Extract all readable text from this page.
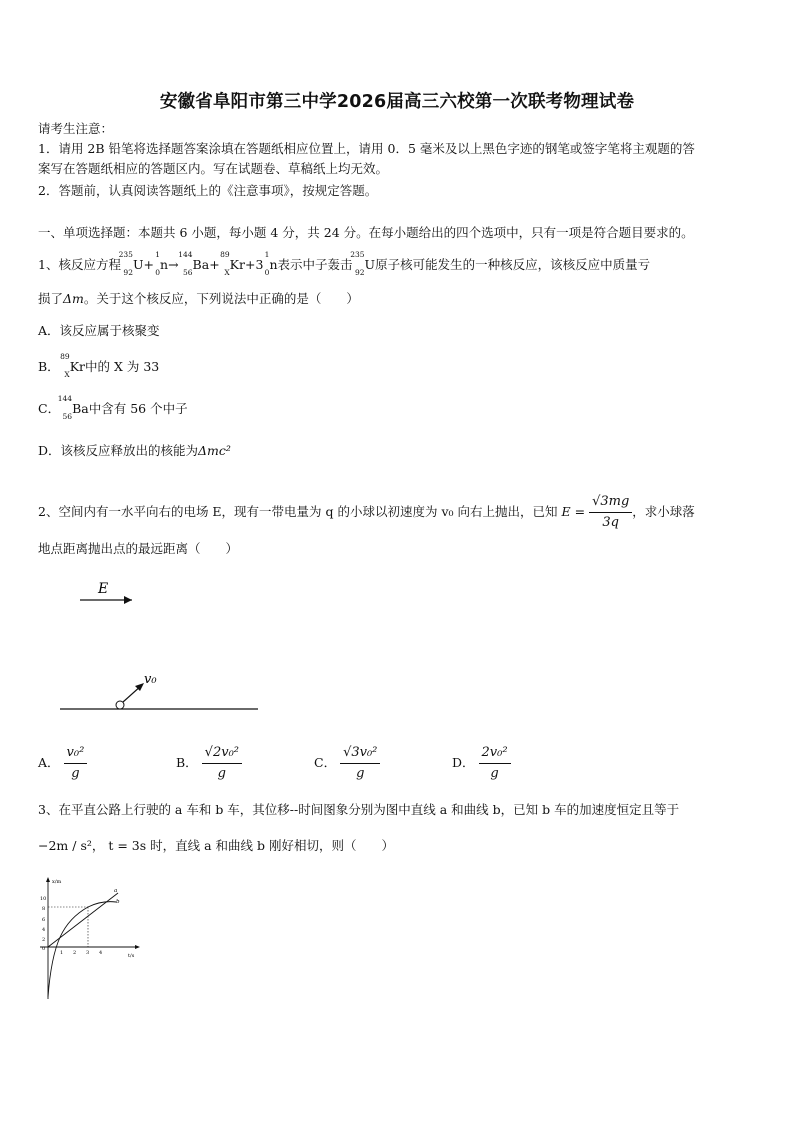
安徽省阜阳市第三中学2026届高三六校第一次联考物理试卷
请考生注意：
1．请用 2B 铅笔将选择题答案涂填在答题纸相应位置上，请用 0．5 毫米及以上黑色字迹的钢笔或签字笔将主观题的答
案写在答题纸相应的答题区内。写在试题卷、草稿纸上均无效。
2．答题前，认真阅读答题纸上的《注意事项》，按规定答题。
一、单项选择题：本题共 6 小题，每小题 4 分，共 24 分。在每小题给出的四个选项中，只有一项是符合题目要求的。
1、核反应方程
235
92
U+
1
0
n→
144
56
Ba+
89
X
Kr+3
1
0
n表示中子轰击
235
92
U原子核可能发生的一种核反应，该核反应中质量亏
损了Δm。关于这个核反应，下列说法中正确的是（　　）
A．该反应属于核聚变
B．
89
X
Kr中的 X 为 33
C．
144
56
Ba中含有 56 个中子
D．该核反应释放出的核能为Δmc²
2、空间内有一水平向右的电场 E，现有一带电量为 q 的小球以初速度为 v₀ 向右上抛出，已知 $E = \frac{√3mg}{3q}$ ，求小球落
地点距离抛出点的最远距离（　　）
E
v₀
A． $\frac{\text{v₀²}}{g}$	B． $\frac{\text{√2v₀²}}{g}$	C． $\frac{\text{√3v₀²}}{g}$	D． $\frac{\text{2v₀²}}{g}$
3、在平直公路上行驶的 a 车和 b 车，其位移--时间图象分别为图中直线 a 和曲线 b，已知 b 车的加速度恒定且等于
−2m / s²， t = 3s 时，直线 a 和曲线 b 刚好相切，则（　　）
x/m
t/s
10
8
6
4
2
0
1 2 3 4
a
b
